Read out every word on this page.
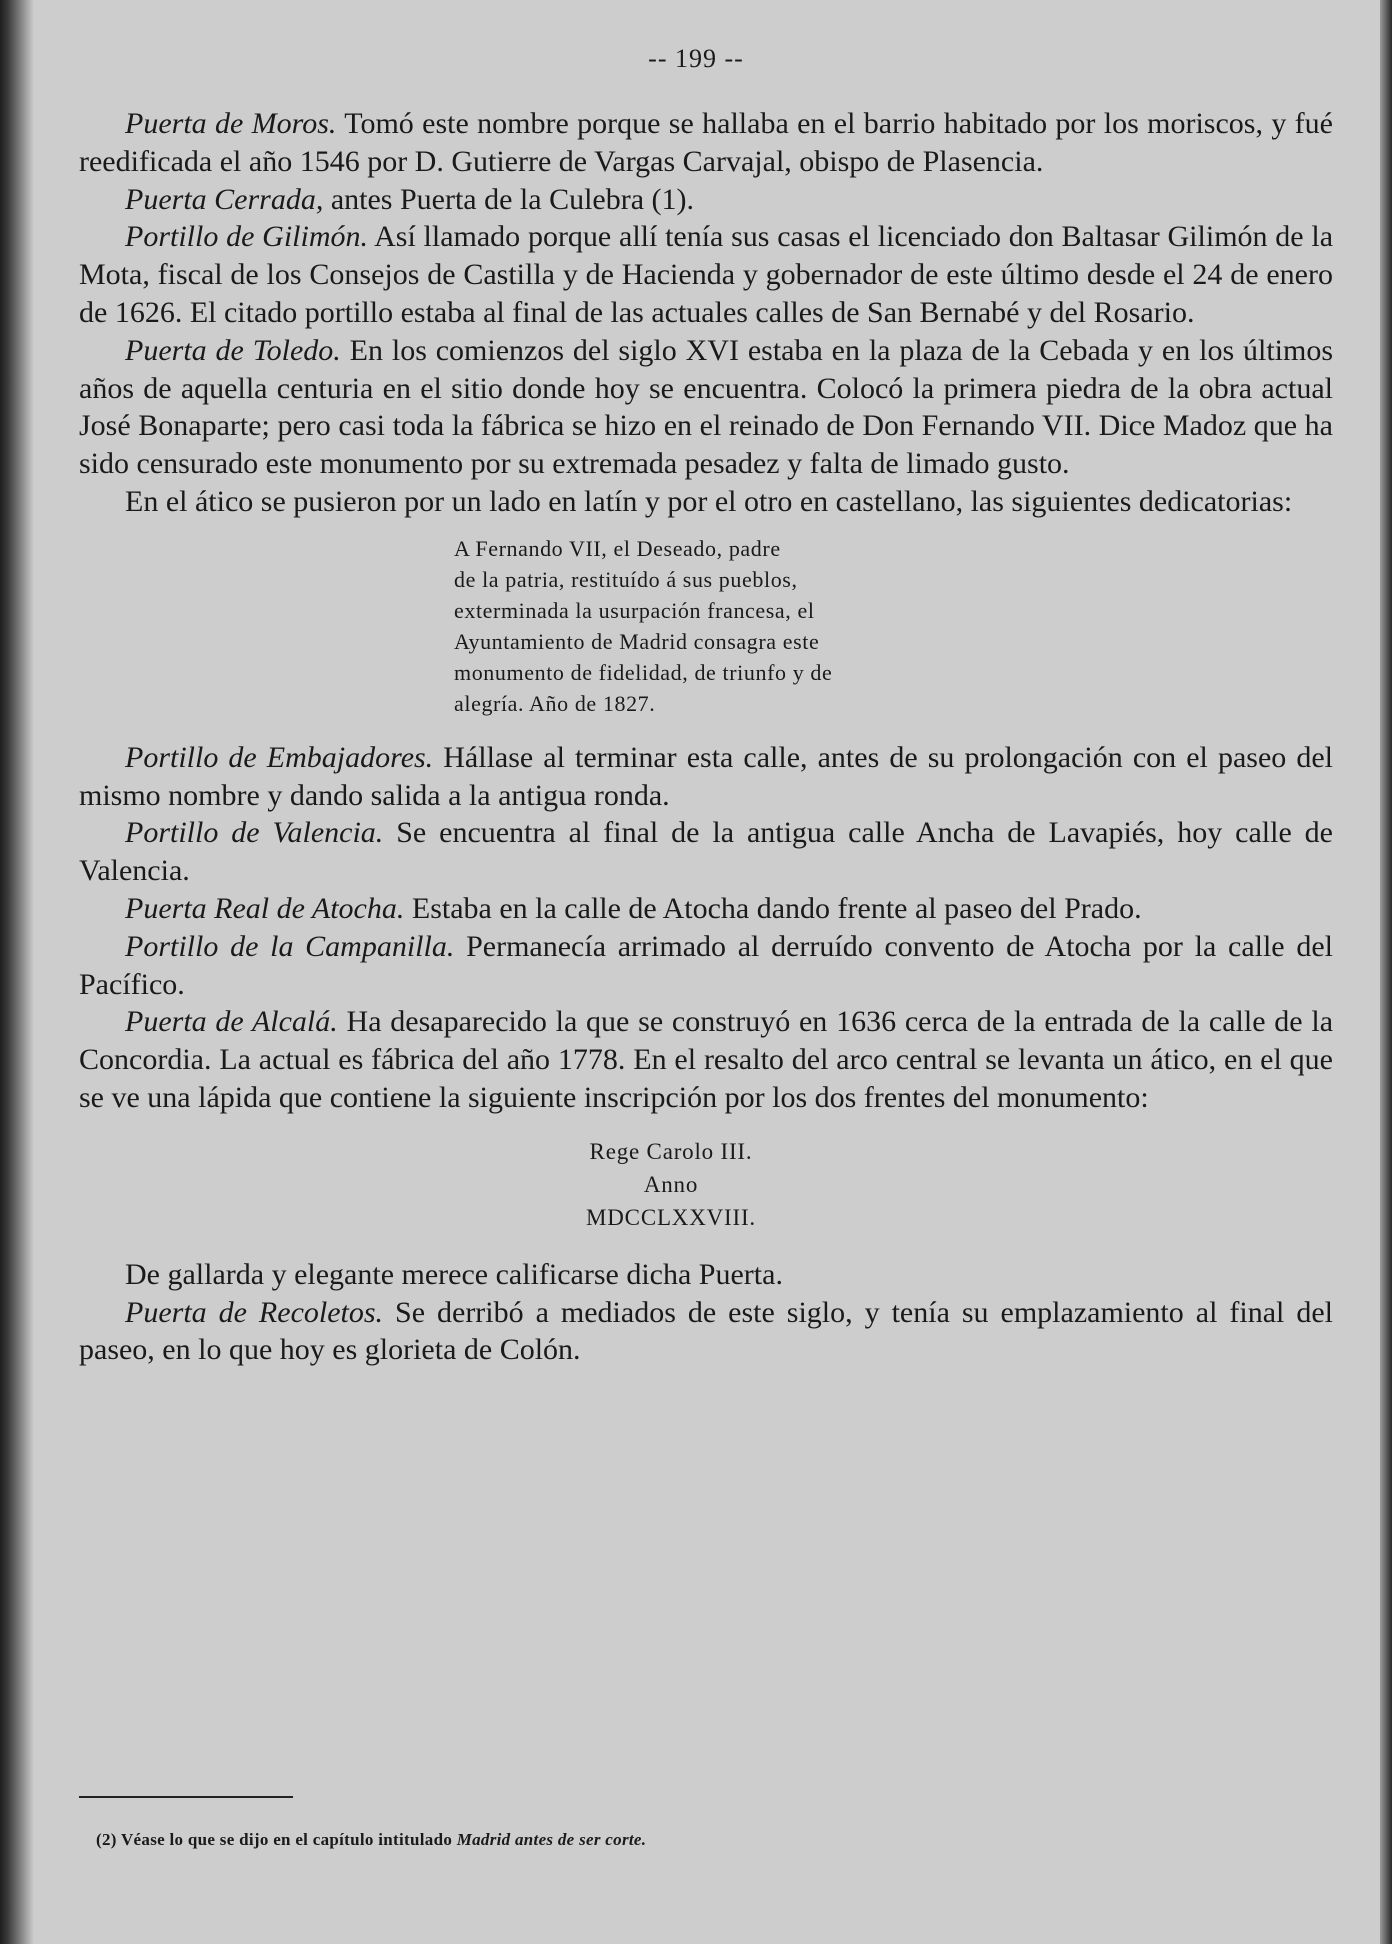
-- 199 --

Puerta de Moros. Tomó este nombre porque se hallaba en el barrio habitado por los moriscos, y fué reedificada el año 1546 por D. Gutierre de Vargas Carvajal, obispo de Plasencia.

Puerta Cerrada, antes Puerta de la Culebra (1).

Portillo de Gilimón. Así llamado porque allí tenía sus casas el licenciado don Baltasar Gilimón de la Mota, fiscal de los Consejos de Castilla y de Hacienda y gobernador de este último desde el 24 de enero de 1626. El citado portillo estaba al final de las actuales calles de San Bernabé y del Rosario.

Puerta de Toledo. En los comienzos del siglo XVI estaba en la plaza de la Cebada y en los últimos años de aquella centuria en el sitio donde hoy se encuentra. Colocó la primera piedra de la obra actual José Bonaparte; pero casi toda la fábrica se hizo en el reinado de Don Fernando VII. Dice Madoz que ha sido censurado este monumento por su extremada pesadez y falta de limado gusto.

En el ático se pusieron por un lado en latín y por el otro en castellano, las siguientes dedicatorias:

A Fernando VII, el Deseado, padre
de la patria, restituído á sus pueblos,
exterminada la usurpación francesa, el
Ayuntamiento de Madrid consagra este
monumento de fidelidad, de triunfo y de
alegría. Año de 1827.

Portillo de Embajadores. Hállase al terminar esta calle, antes de su prolongación con el paseo del mismo nombre y dando salida a la antigua ronda.

Portillo de Valencia. Se encuentra al final de la antigua calle Ancha de Lavapiés, hoy calle de Valencia.

Puerta Real de Atocha. Estaba en la calle de Atocha dando frente al paseo del Prado.

Portillo de la Campanilla. Permanecía arrimado al derruído convento de Atocha por la calle del Pacífico.

Puerta de Alcalá. Ha desaparecido la que se construyó en 1636 cerca de la entrada de la calle de la Concordia. La actual es fábrica del año 1778. En el resalto del arco central se levanta un ático, en el que se ve una lápida que contiene la siguiente inscripción por los dos frentes del monumento:

Rege Carolo III.
Anno
MDCCLXXVIII.

De gallarda y elegante merece calificarse dicha Puerta.

Puerta de Recoletos. Se derribó a mediados de este siglo, y tenía su emplazamiento al final del paseo, en lo que hoy es glorieta de Colón.

(2) Véase lo que se dijo en el capítulo intitulado Madrid antes de ser corte.
